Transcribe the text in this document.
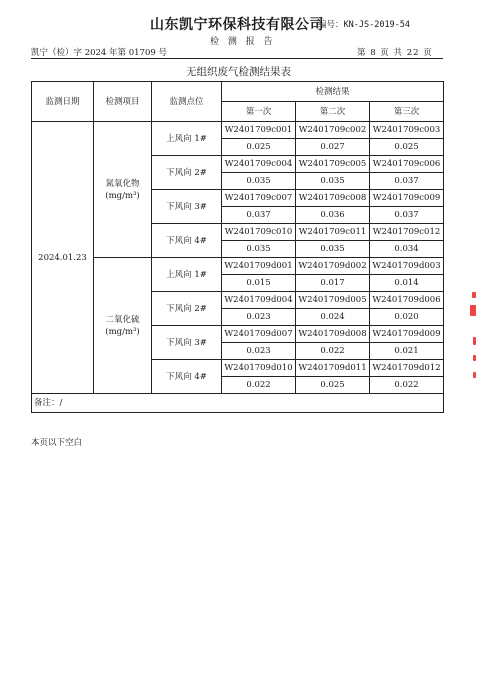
山东凯宁环保科技有限公司
编号：KN-JS-2019-54
检 测 报 告
凯宁（检）字 2024 年第 01709 号	第 8 页 共 22 页
无组织废气检测结果表
监测日期	检测项目	监测点位	检测结果		
			第一次	第二次	第三次
2024.01.23	氮氧化物
(mg/m³)	上风向 1#	W2401709c001	W2401709c002	W2401709c003
			0.025	0.027	0.025
		下风向 2#	W2401709c004	W2401709c005	W2401709c006
			0.035	0.035	0.037
		下风向 3#	W2401709c007	W2401709c008	W2401709c009
			0.037	0.036	0.037
		下风向 4#	W2401709c010	W2401709c011	W2401709c012
			0.035	0.035	0.034

	二氧化硫
(mg/m³)	上风向 1#	W2401709d001	W2401709d002	W2401709d003
			0.015	0.017	0.014
		下风向 2#	W2401709d004	W2401709d005	W2401709d006
			0.023	0.024	0.020
		下风向 3#	W2401709d007	W2401709d008	W2401709d009
			0.023	0.022	0.021
		下风向 4#	W2401709d010	W2401709d011	W2401709d012
			0.022	0.025	0.022
备注：/					
本页以下空白
